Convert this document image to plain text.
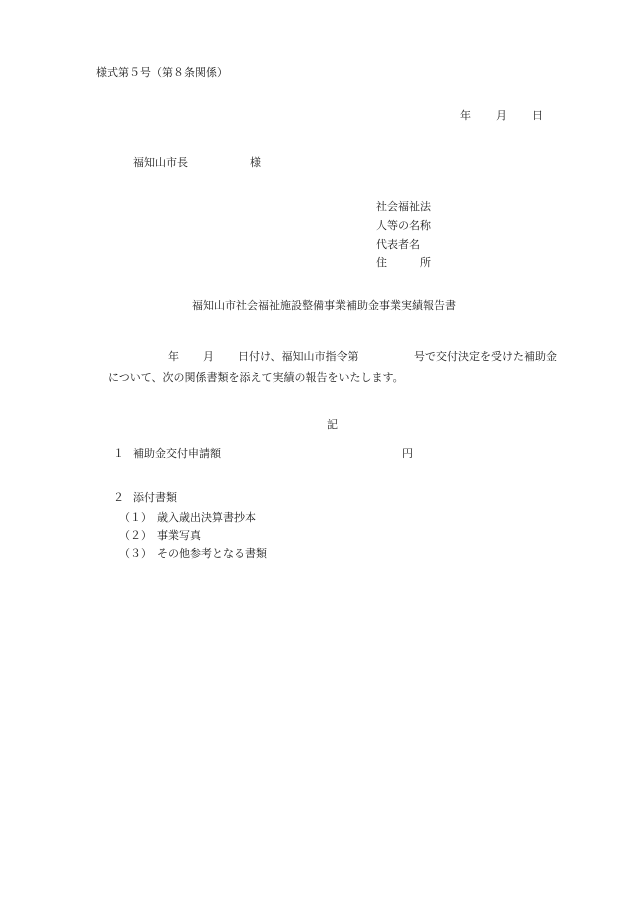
様式第５号（第８条関係）

年

月

日

福知山市長

	様

社会福祉法
人等の名称
代表者名
住　　　所
福知山市社会福祉施設整備事業補助金事業実績報告書

年

月

日付け、福知山市指令第

	号で交付決定を受けた補助金

について、次の関係書類を添えて実績の報告をいたします。
記

１

補助金交付申請額

	円

２

添付書類

（１）

歳入歳出決算書抄本

（２）

事業写真

（３）

その他参考となる書類
